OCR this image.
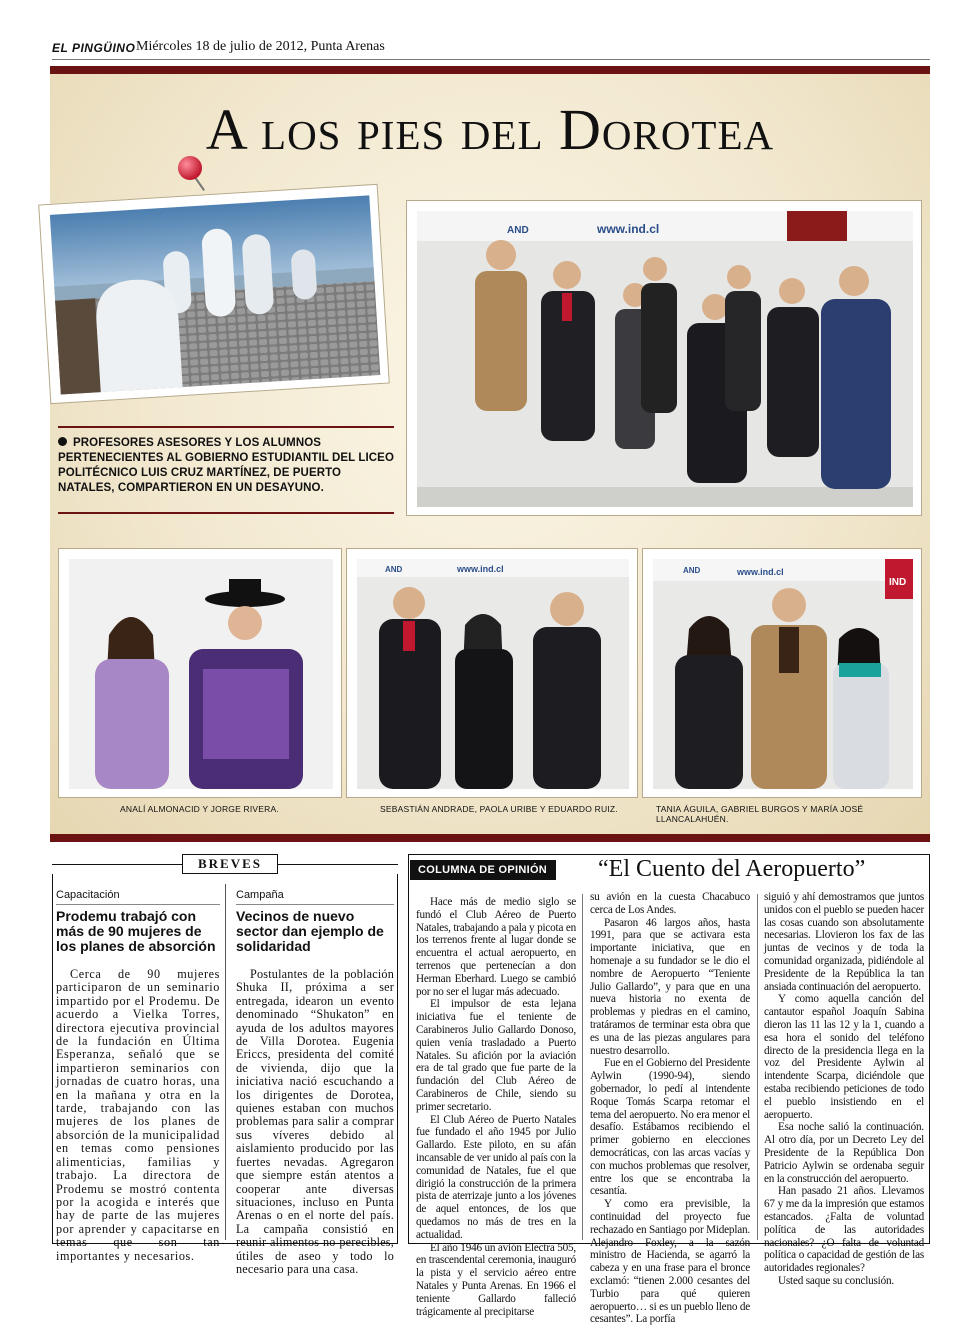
EL PINGÜINO Miércoles 18 de julio de 2012, Punta Arenas
A los pies del Dorotea
AND	www.ind.cl
PROFESORES ASESORES Y LOS ALUMNOS PERTENECIENTES AL GOBIERNO ESTUDIANTIL DEL LICEO POLITÉCNICO LUIS CRUZ MARTÍNEZ, DE PUERTO NATALES, COMPARTIERON EN UN DESAYUNO.
AND	www.ind.cl	AND	www.ind.cl
IND
ANALÍ ALMONACID Y JORGE RIVERA.	SEBASTIÁN ANDRADE, PAOLA URIBE Y EDUARDO RUIZ.	TANIA ÁGUILA, GABRIEL BURGOS Y MARÍA JOSÉ LLANCALAHUÉN.
BREVES
Capacitación
Prodemu trabajó con más de 90 mujeres de los planes de absorción

Cerca de 90 mujeres participaron de un seminario impartido por el Prodemu. De acuerdo a Vielka Torres, directora ejecutiva provincial de la fundación en Última Esperanza, señaló que se impartieron seminarios con jornadas de cuatro horas, una en la mañana y otra en la tarde, trabajando con las mujeres de los planes de absorción de la municipalidad en temas como pensiones alimenticias, familias y trabajo. La directora de Prodemu se mostró contenta por la acogida e interés que hay de parte de las mujeres por aprender y capacitarse en temas que son tan importantes y necesarios.

Campaña
Vecinos de nuevo sector dan ejemplo de solidaridad

Postulantes de la población Shuka II, próxima a ser entregada, idearon un evento denominado “Shukaton” en ayuda de los adultos mayores de Villa Dorotea. Eugenia Ericcs, presidenta del comité de vivienda, dijo que la iniciativa nació escuchando a los dirigentes de Dorotea, quienes estaban con muchos problemas para salir a comprar sus víveres debido al aislamiento producido por las fuertes nevadas. Agregaron que siempre están atentos a cooperar ante diversas situaciones, incluso en Punta Arenas o en el norte del país. La campaña consistió en reunir alimentos no perecibles, útiles de aseo y todo lo necesario para una casa.

COLUMNA DE OPINIÓN	“El Cuento del Aeropuerto”

Hace más de medio siglo se fundó el Club Aéreo de Puerto Natales, trabajando a pala y picota en los terrenos frente al lugar donde se encuentra el actual aeropuerto, en terrenos que pertenecían a don Herman Eberhard. Luego se cambió por no ser el lugar más adecuado.

El impulsor de esta lejana iniciativa fue el teniente de Carabineros Julio Gallardo Donoso, quien venía trasladado a Puerto Natales. Su afición por la aviación era de tal grado que fue parte de la fundación del Club Aéreo de Carabineros de Chile, siendo su primer secretario.

El Club Aéreo de Puerto Natales fue fundado el año 1945 por Julio Gallardo. Este piloto, en su afán incansable de ver unido al país con la comunidad de Natales, fue el que dirigió la construcción de la primera pista de aterrizaje junto a los jóvenes de aquel entonces, de los que quedamos no más de tres en la actualidad.

El año 1946 un avión Electra 505, en trascendental ceremonia, inauguró la pista y el servicio aéreo entre Natales y Punta Arenas. En 1966 el teniente Gallardo falleció trágicamente al precipitarse

su avión en la cuesta Chacabuco cerca de Los Andes.

Pasaron 46 largos años, hasta 1991, para que se activara esta importante iniciativa, que en homenaje a su fundador se le dio el nombre de Aeropuerto “Teniente Julio Gallardo”, y para que en una nueva historia no exenta de problemas y piedras en el camino, tratáramos de terminar esta obra que es una de las piezas angulares para nuestro desarrollo.

Fue en el Gobierno del Presidente Aylwin (1990-94), siendo gobernador, lo pedí al intendente Roque Tomás Scarpa retomar el tema del aeropuerto. No era menor el desafío. Estábamos recibiendo el primer gobierno en elecciones democráticas, con las arcas vacías y con muchos problemas que resolver, entre los que se encontraba la cesantía.

Y como era previsible, la continuidad del proyecto fue rechazado en Santiago por Mideplan. Alejandro Foxley, a la sazón ministro de Hacienda, se agarró la cabeza y en una frase para el bronce exclamó: “tienen 2.000 cesantes del Turbio para qué quieren aeropuerto… si es un pueblo lleno de cesantes”. La porfía

siguió y ahí demostramos que juntos unidos con el pueblo se pueden hacer las cosas cuando son absolutamente necesarias. Llovieron los fax de las juntas de vecinos y de toda la comunidad organizada, pidiéndole al Presidente de la República la tan ansiada continuación del aeropuerto.

Y como aquella canción del cantautor español Joaquín Sabina dieron las 11 las 12 y la 1, cuando a esa hora el sonido del teléfono directo de la presidencia llega en la voz del Presidente Aylwin al intendente Scarpa, diciéndole que estaba recibiendo peticiones de todo el pueblo insistiendo en el aeropuerto.

Esa noche salió la continuación. Al otro día, por un Decreto Ley del Presidente de la República Don Patricio Aylwin se ordenaba seguir en la construcción del aeropuerto.

Han pasado 21 años. Llevamos 67 y me da la impresión que estamos estancados. ¿Falta de voluntad política de las autoridades nacionales? ¿O falta de voluntad política o capacidad de gestión de las autoridades regionales?

Usted saque su conclusión.
